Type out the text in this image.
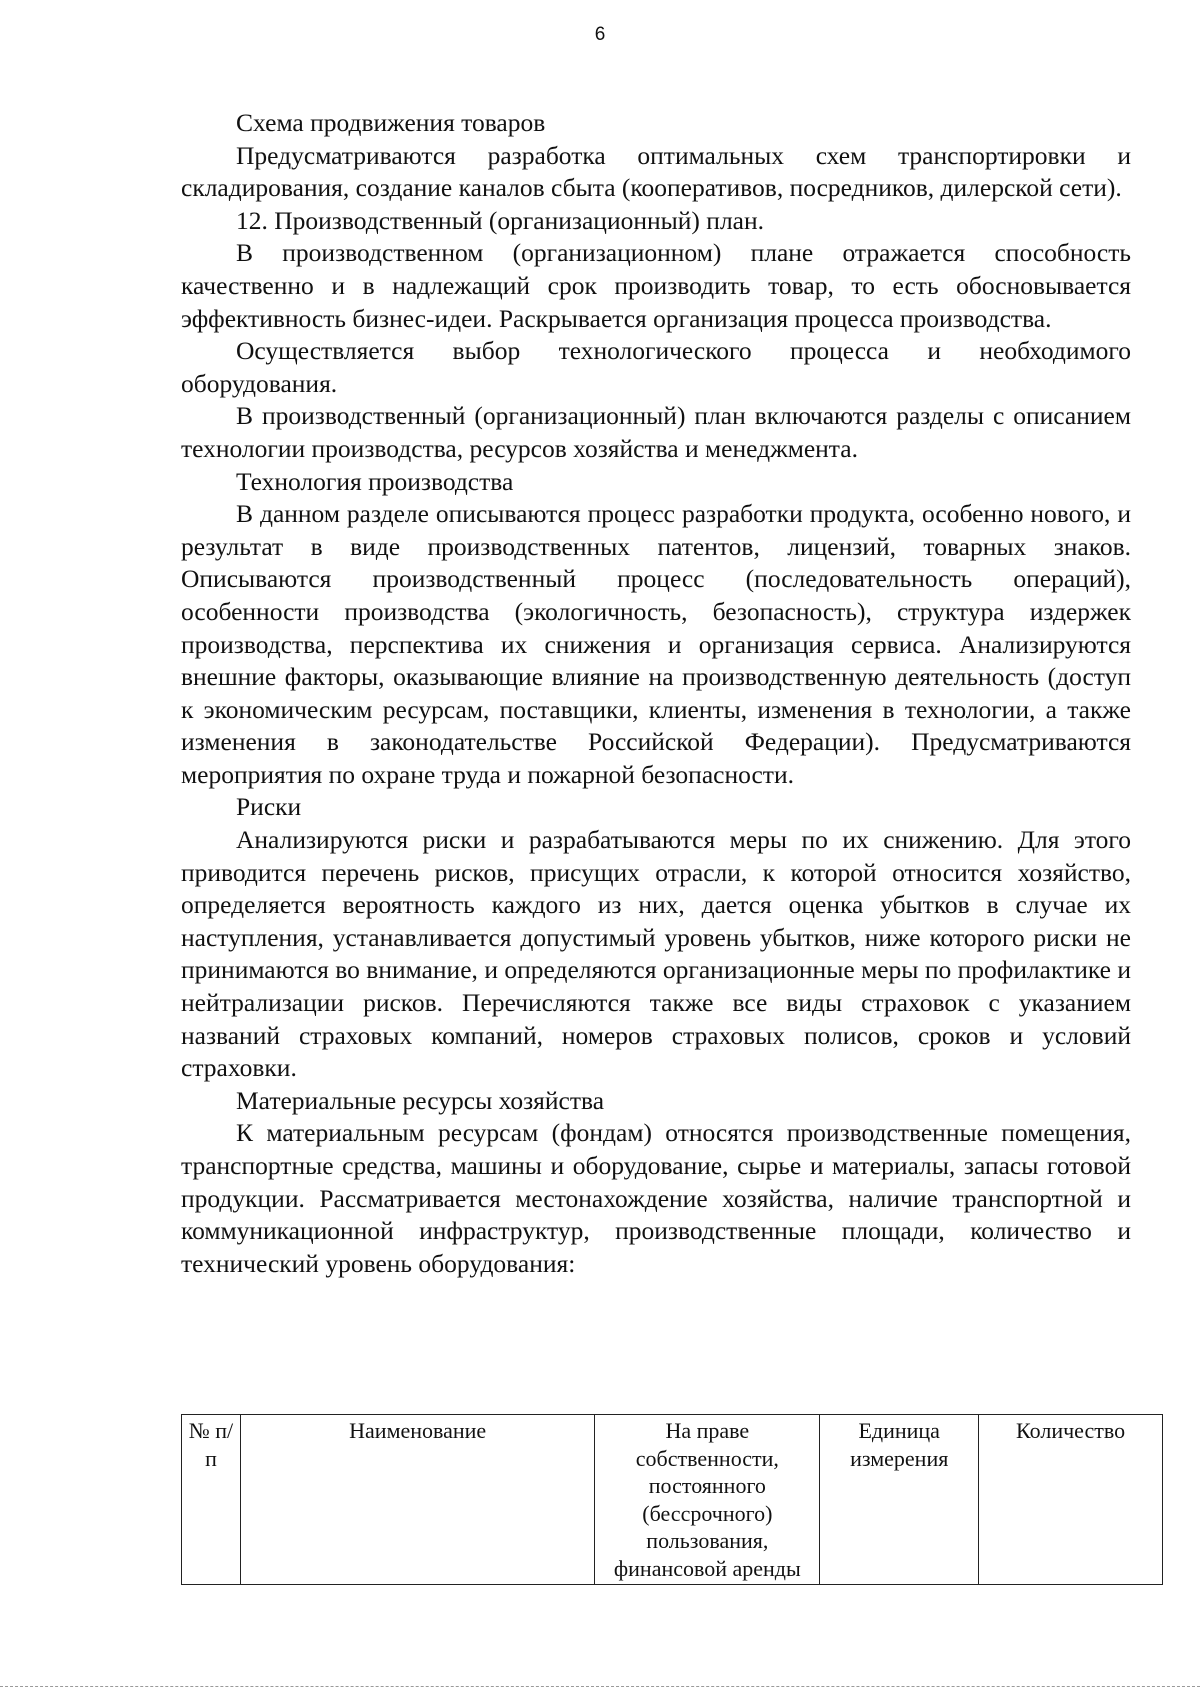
6

Схема продвижения товаров

Предусматриваются разработка оптимальных схем транспортировки и складирования, создание каналов сбыта (кооперативов, посредников, дилерской сети).

12. Производственный (организационный) план.

В производственном (организационном) плане отражается способность качественно и в надлежащий срок производить товар, то есть обосновывается эффективность бизнес-идеи. Раскрывается организация процесса производства.

Осуществляется выбор технологического процесса и необходимого оборудования.

В производственный (организационный) план включаются разделы с описанием технологии производства, ресурсов хозяйства и менеджмента.

Технология производства

В данном разделе описываются процесс разработки продукта, особенно нового, и результат в виде производственных патентов, лицензий, товарных знаков. Описываются производственный процесс (последовательность операций), особенности производства (экологичность, безопасность), структура издержек производства, перспектива их снижения и организация сервиса. Анализируются внешние факторы, оказывающие влияние на производственную деятельность (доступ к экономическим ресурсам, поставщики, клиенты, изменения в технологии, а также изменения в законодательстве Российской Федерации). Предусматриваются мероприятия по охране труда и пожарной безопасности.

Риски

Анализируются риски и разрабатываются меры по их снижению. Для этого приводится перечень рисков, присущих отрасли, к которой относится хозяйство, определяется вероятность каждого из них, дается оценка убытков в случае их наступления, устанавливается допустимый уровень убытков, ниже которого риски не принимаются во внимание, и определяются организационные меры по профилактике и нейтрализации рисков. Перечисляются также все виды страховок с указанием названий страховых компаний, номеров страховых полисов, сроков и условий страховки.

Материальные ресурсы хозяйства

К материальным ресурсам (фондам) относятся производственные помещения, транспортные средства, машины и оборудование, сырье и материалы, запасы готовой продукции. Рассматривается местонахождение хозяйства, наличие транспортной и коммуникационной инфраструктур, производственные площади, количество и технический уровень оборудования:

№ п/п	Наименование	На праве собственности, постоянного (бессрочного) пользования, финансовой аренды	Единица измерения	Количество
